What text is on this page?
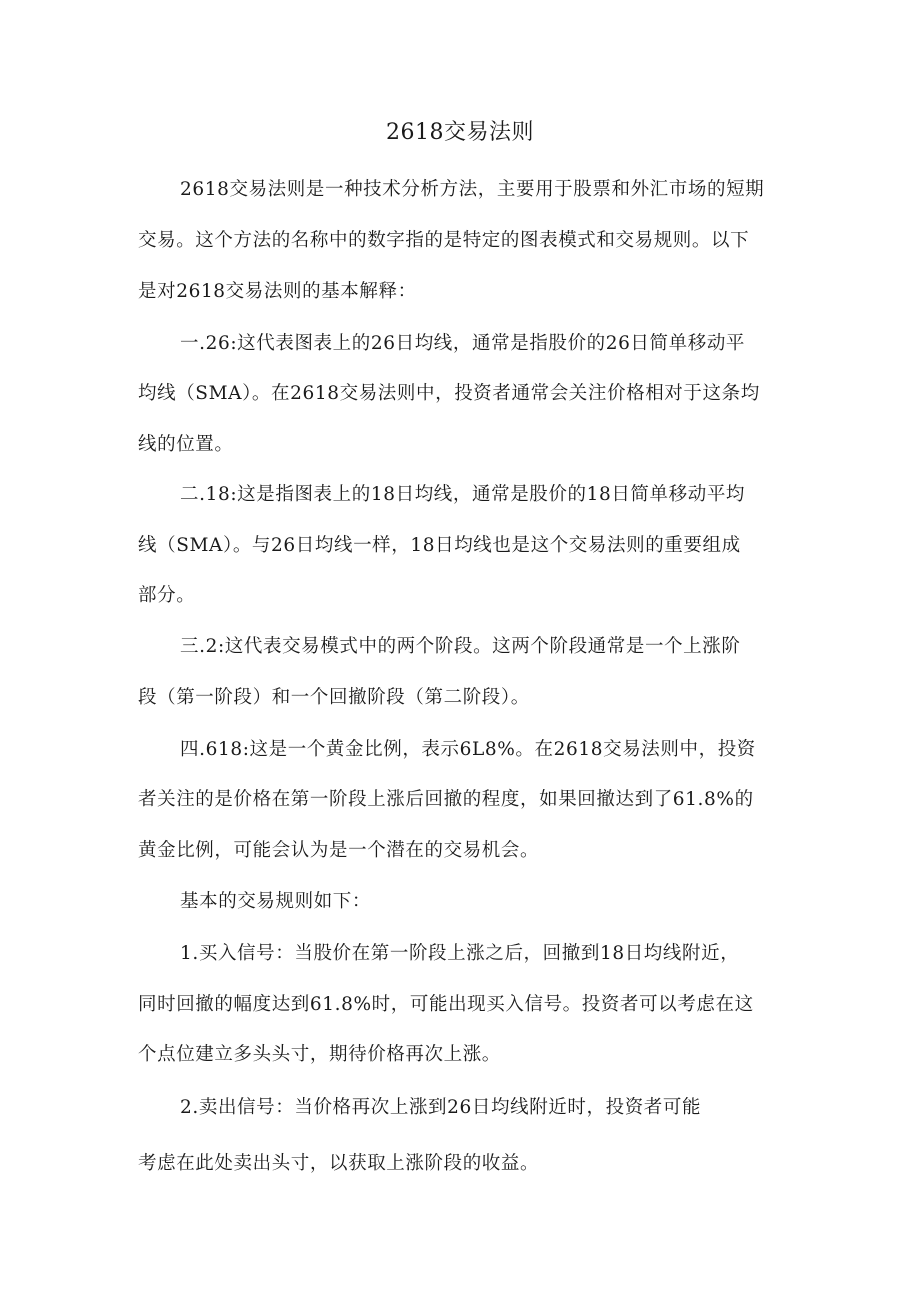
2618交易法则
2618交易法则是一种技术分析方法，主要用于股票和外汇市场的短期
交易。这个方法的名称中的数字指的是特定的图表模式和交易规则。以下
是对2618交易法则的基本解释：
一.26:这代表图表上的26日均线，通常是指股价的26日简单移动平
均线（SMA）。在2618交易法则中，投资者通常会关注价格相对于这条均
线的位置。
二.18:这是指图表上的18日均线，通常是股价的18日简单移动平均
线（SMA）。与26日均线一样，18日均线也是这个交易法则的重要组成
部分。
三.2:这代表交易模式中的两个阶段。这两个阶段通常是一个上涨阶
段（第一阶段）和一个回撤阶段（第二阶段）。
四.618:这是一个黄金比例，表示6L8%。在2618交易法则中，投资
者关注的是价格在第一阶段上涨后回撤的程度，如果回撤达到了61.8%的
黄金比例，可能会认为是一个潜在的交易机会。
基本的交易规则如下：
1.买入信号：当股价在第一阶段上涨之后，回撤到18日均线附近，
同时回撤的幅度达到61.8%时，可能出现买入信号。投资者可以考虑在这
个点位建立多头头寸，期待价格再次上涨。
2.卖出信号：当价格再次上涨到26日均线附近时，投资者可能
考虑在此处卖出头寸，以获取上涨阶段的收益。
